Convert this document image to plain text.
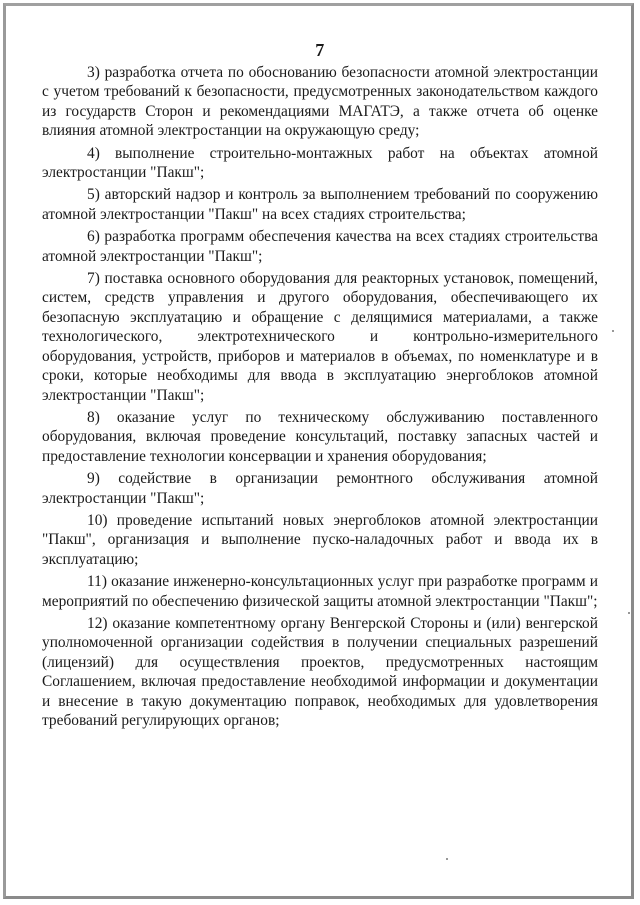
7

3) разработка отчета по обоснованию безопасности атомной электростанции с учетом требований к безопасности, предусмотренных законодательством каждого из государств Сторон и рекомендациями МАГАТЭ, а также отчета об оценке влияния атомной электростанции на окружающую среду;

4) выполнение строительно-монтажных работ на объектах атомной электростанции "Пакш";

5) авторский надзор и контроль за выполнением требований по сооружению атомной электростанции "Пакш" на всех стадиях строительства;

6) разработка программ обеспечения качества на всех стадиях строительства атомной электростанции "Пакш";

7) поставка основного оборудования для реакторных установок, помещений, систем, средств управления и другого оборудования, обеспечивающего их безопасную эксплуатацию и обращение с делящимися материалами, а также технологического, электротехнического и контрольно-измерительного оборудования, устройств, приборов и материалов в объемах, по номенклатуре и в сроки, которые необходимы для ввода в эксплуатацию энергоблоков атомной электростанции "Пакш";

8) оказание услуг по техническому обслуживанию поставленного оборудования, включая проведение консультаций, поставку запасных частей и предоставление технологии консервации и хранения оборудования;

9) содействие в организации ремонтного обслуживания атомной электростанции "Пакш";

10) проведение испытаний новых энергоблоков атомной электростанции "Пакш", организация и выполнение пуско-наладочных работ и ввода их в эксплуатацию;

11) оказание инженерно-консультационных услуг при разработке программ и мероприятий по обеспечению физической защиты атомной электростанции "Пакш";

12) оказание компетентному органу Венгерской Стороны и (или) венгерской уполномоченной организации содействия в получении специальных разрешений (лицензий) для осуществления проектов, предусмотренных настоящим Соглашением, включая предоставление необходимой информации и документации и внесение в такую документацию поправок, необходимых для удовлетворения требований регулирующих органов;
